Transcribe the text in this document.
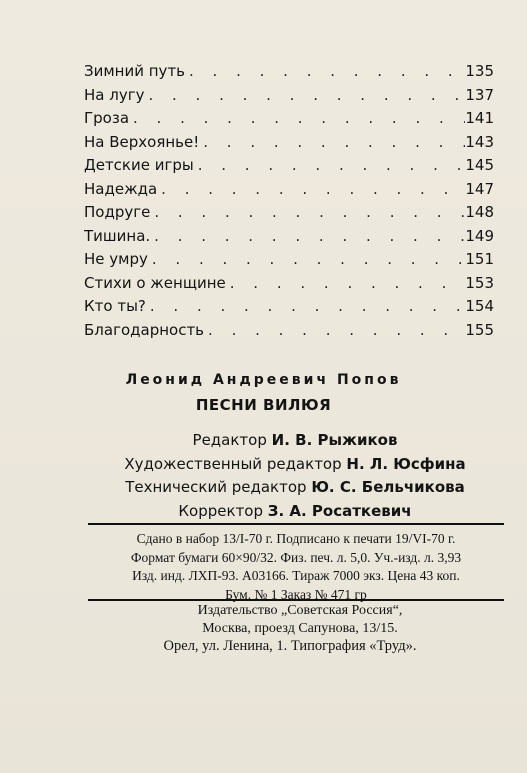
Зимний путь . . .	135
На лугу . . .	137
Гроза . . .	141
На Верхоянье! . . .	143
Детские игры . . .	145
Надежда . . .	147
Подруге . . .	148
Тишина. . . .	149
Не умру . . .	151
Стихи о женщине . . .	153
Кто ты? . . .	154
Благодарность . . .	155
Леонид Андреевич Попов
ПЕСНИ ВИЛЮЯ
Редактор И. В. Рыжиков
Художественный редактор Н. Л. Юсфина
Технический редактор Ю. С. Бельчикова
Корректор З. А. Росаткевич
Сдано в набор 13/I-70 г. Подписано к печати 19/VI-70 г.
Формат бумаги 60×90/32. Физ. печ. л. 5,0. Уч.-изд. л. 3,93
Изд. инд. ЛХП-93. А03166. Тираж 7000 экз. Цена 43 коп.
Бум. № 1 Заказ № 471 гр
Издательство „Советская Россия“,
Москва, проезд Сапунова, 13/15.
Орел, ул. Ленина, 1. Типография «Труд».
